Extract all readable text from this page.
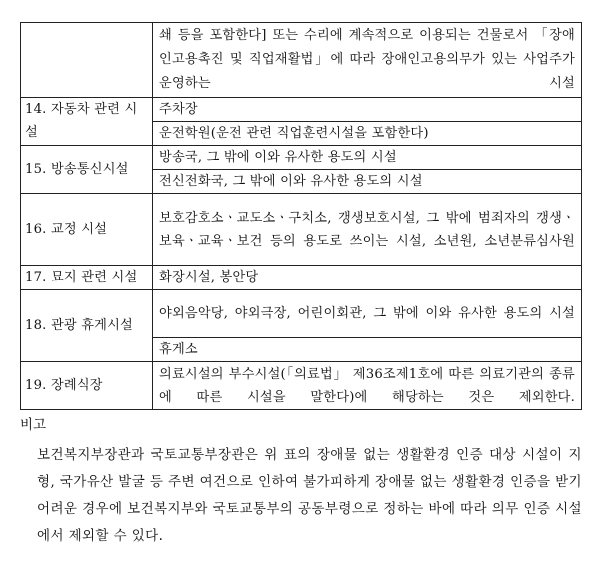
	쇄 등을 포함한다] 또는 수리에 계속적으로 이용되는 건물로서 「장애인고용촉진 및 직업재활법」에 따라 장애인고용의무가 있는 사업주가 운영하는 시설
14. 자동차 관련 시설	주차장
	운전학원(운전 관련 직업훈련시설을 포함한다)
15. 방송통신시설	방송국, 그 밖에 이와 유사한 용도의 시설
	전신전화국, 그 밖에 이와 유사한 용도의 시설
16. 교정 시설	보호감호소ㆍ교도소ㆍ구치소, 갱생보호시설, 그 밖에 범죄자의 갱생ㆍ보육ㆍ교육ㆍ보건 등의 용도로 쓰이는 시설, 소년원, 소년분류심사원
17. 묘지 관련 시설	화장시설, 봉안당
18. 관광 휴게시설	야외음악당, 야외극장, 어린이회관, 그 밖에 이와 유사한 용도의 시설
	휴게소
19. 장례식장	의료시설의 부수시설(「의료법」 제36조제1호에 따른 의료기관의 종류에 따른 시설을 말한다)에 해당하는 것은 제외한다.
비고
보건복지부장관과 국토교통부장관은 위 표의 장애물 없는 생활환경 인증 대상 시설이 지형, 국가유산 발굴 등 주변 여건으로 인하여 불가피하게 장애물 없는 생활환경 인증을 받기 어려운 경우에 보건복지부와 국토교통부의 공동부령으로 정하는 바에 따라 의무 인증 시설에서 제외할 수 있다.
